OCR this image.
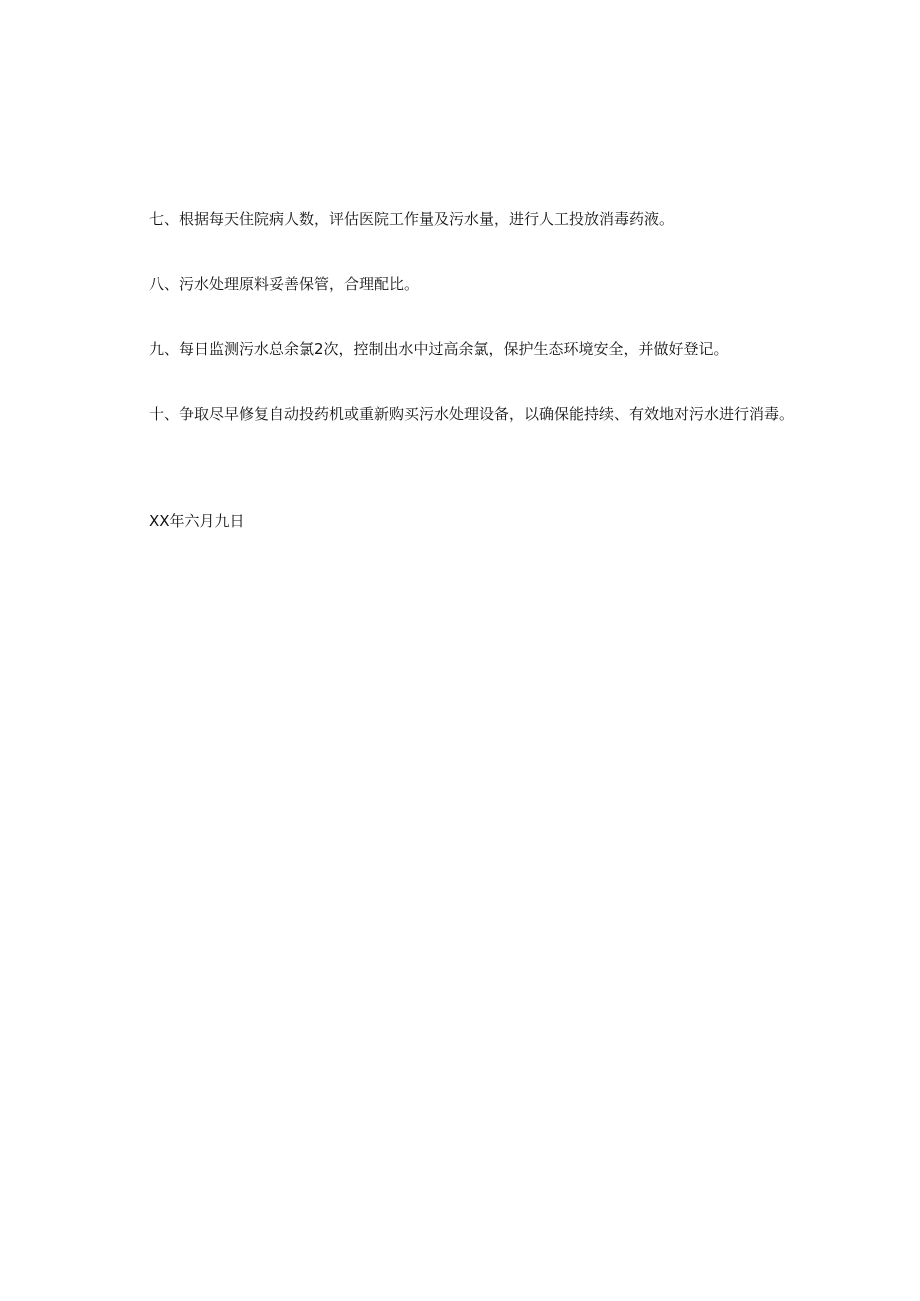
七、根据每天住院病人数，评估医院工作量及污水量，进行人工投放消毒药液。

八、污水处理原料妥善保管，合理配比。

九、每日监测污水总余氯2次，控制出水中过高余氯，保护生态环境安全，并做好登记。

十、争取尽早修复自动投药机或重新购买污水处理设备，以确保能持续、有效地对污水进行消毒。

XX年六月九日
